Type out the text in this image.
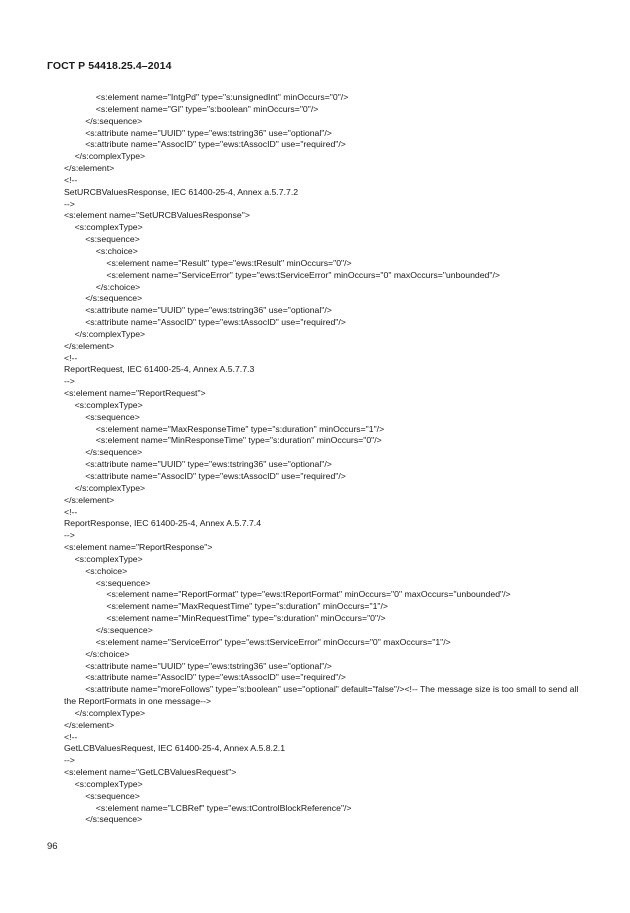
ГОСТ Р 54418.25.4–2014
<s:element name="IntgPd" type="s:unsignedInt" minOccurs="0"/>
<s:element name="GI" type="s:boolean" minOccurs="0"/>
</s:sequence>
<s:attribute name="UUID" type="ews:tstring36" use="optional"/>
<s:attribute name="AssocID" type="ews:tAssocID" use="required"/>
</s:complexType>
</s:element>
<!--
SetURCBValuesResponse, IEC 61400-25-4, Annex a.5.7.7.2
-->
<s:element name="SetURCBValuesResponse">
<s:complexType>
<s:sequence>
<s:choice>
<s:element name="Result" type="ews:tResult" minOccurs="0"/>
<s:element name="ServiceError" type="ews:tServiceError" minOccurs="0" maxOccurs="unbounded"/>
</s:choice>
</s:sequence>
<s:attribute name="UUID" type="ews:tstring36" use="optional"/>
<s:attribute name="AssocID" type="ews:tAssocID" use="required"/>
</s:complexType>
</s:element>
<!--
ReportRequest, IEC 61400-25-4, Annex A.5.7.7.3
-->
<s:element name="ReportRequest">
<s:complexType>
<s:sequence>
<s:element name="MaxResponseTime" type="s:duration" minOccurs="1"/>
<s:element name="MinResponseTime" type="s:duration" minOccurs="0"/>
</s:sequence>
<s:attribute name="UUID" type="ews:tstring36" use="optional"/>
<s:attribute name="AssocID" type="ews:tAssocID" use="required"/>
</s:complexType>
</s:element>
<!--
ReportResponse, IEC 61400-25-4, Annex A.5.7.7.4
-->
<s:element name="ReportResponse">
<s:complexType>
<s:choice>
<s:sequence>
<s:element name="ReportFormat" type="ews:tReportFormat" minOccurs="0" maxOccurs="unbounded"/>
<s:element name="MaxRequestTime" type="s:duration" minOccurs="1"/>
<s:element name="MinRequestTime" type="s:duration" minOccurs="0"/>
</s:sequence>
<s:element name="ServiceError" type="ews:tServiceError" minOccurs="0" maxOccurs="1"/>
</s:choice>
<s:attribute name="UUID" type="ews:tstring36" use="optional"/>
<s:attribute name="AssocID" type="ews:tAssocID" use="required"/>
<s:attribute name="moreFollows" type="s:boolean" use="optional" default="false"/><!-- The message size is too small to send all the ReportFormats in one message-->
</s:complexType>
</s:element>
<!--
GetLCBValuesRequest, IEC 61400-25-4, Annex A.5.8.2.1
-->
<s:element name="GetLCBValuesRequest">
<s:complexType>
<s:sequence>
<s:element name="LCBRef" type="ews:tControlBlockReference"/>
</s:sequence>
96
